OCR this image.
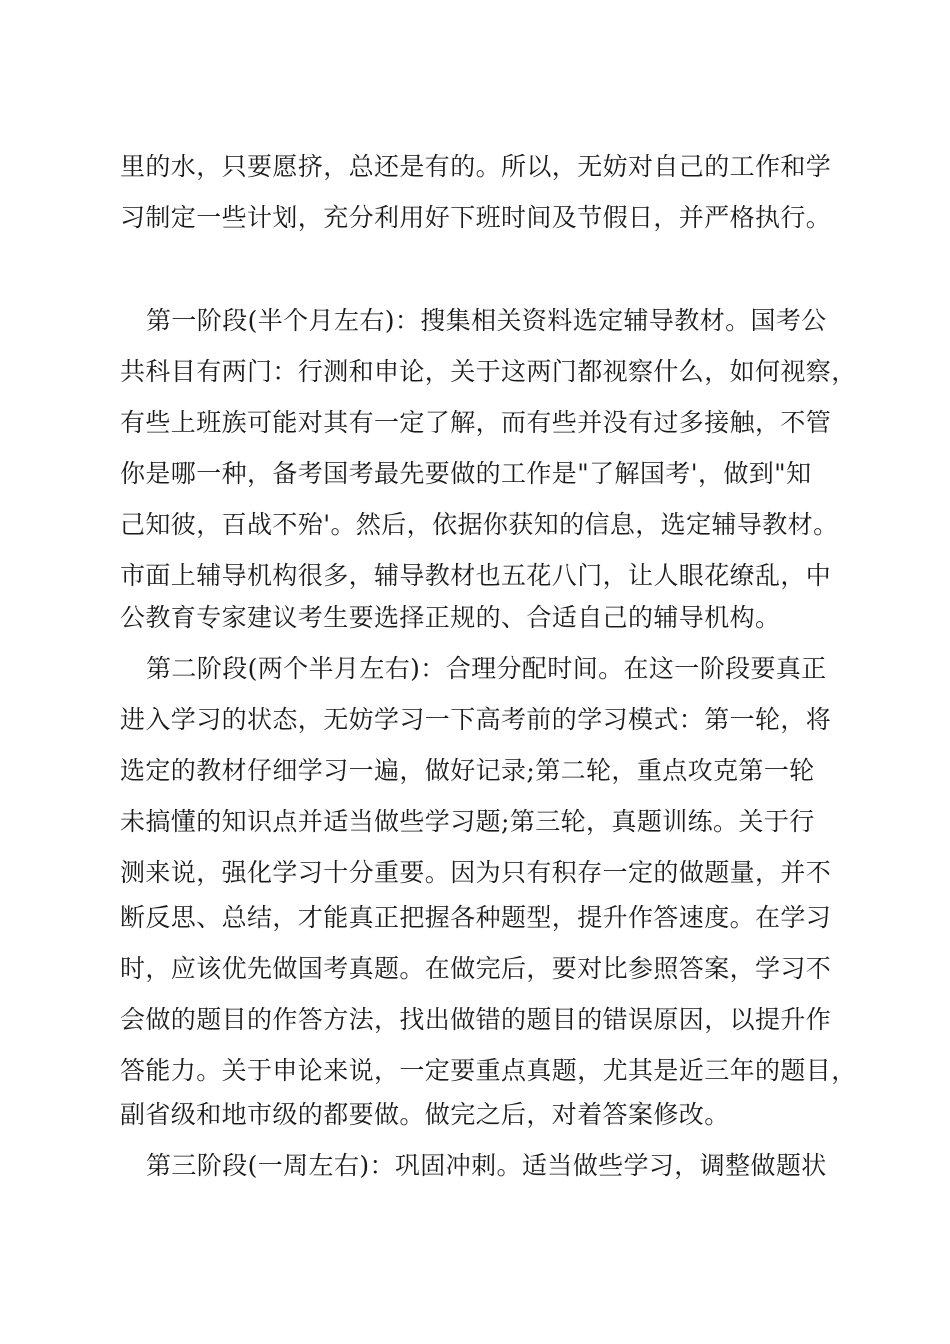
里的水，只要愿挤，总还是有的。所以，无妨对自己的工作和学
习制定一些计划，充分利用好下班时间及节假日，并严格执行。
第一阶段(半个月左右)：搜集相关资料选定辅导教材。国考公
共科目有两门：行测和申论，关于这两门都视察什么，如何视察，
有些上班族可能对其有一定了解，而有些并没有过多接触，不管
你是哪一种，备考国考最先要做的工作是"了解国考'，做到"知
己知彼，百战不殆'。然后，依据你获知的信息，选定辅导教材。
市面上辅导机构很多，辅导教材也五花八门，让人眼花缭乱，中
公教育专家建议考生要选择正规的、合适自己的辅导机构。
第二阶段(两个半月左右)：合理分配时间。在这一阶段要真正
进入学习的状态，无妨学习一下高考前的学习模式：第一轮，将
选定的教材仔细学习一遍，做好记录;第二轮，重点攻克第一轮
未搞懂的知识点并适当做些学习题;第三轮，真题训练。关于行
测来说，强化学习十分重要。因为只有积存一定的做题量，并不
断反思、总结，才能真正把握各种题型，提升作答速度。在学习
时，应该优先做国考真题。在做完后，要对比参照答案，学习不
会做的题目的作答方法，找出做错的题目的错误原因，以提升作
答能力。关于申论来说，一定要重点真题，尤其是近三年的题目，
副省级和地市级的都要做。做完之后，对着答案修改。
第三阶段(一周左右)：巩固冲刺。适当做些学习，调整做题状
